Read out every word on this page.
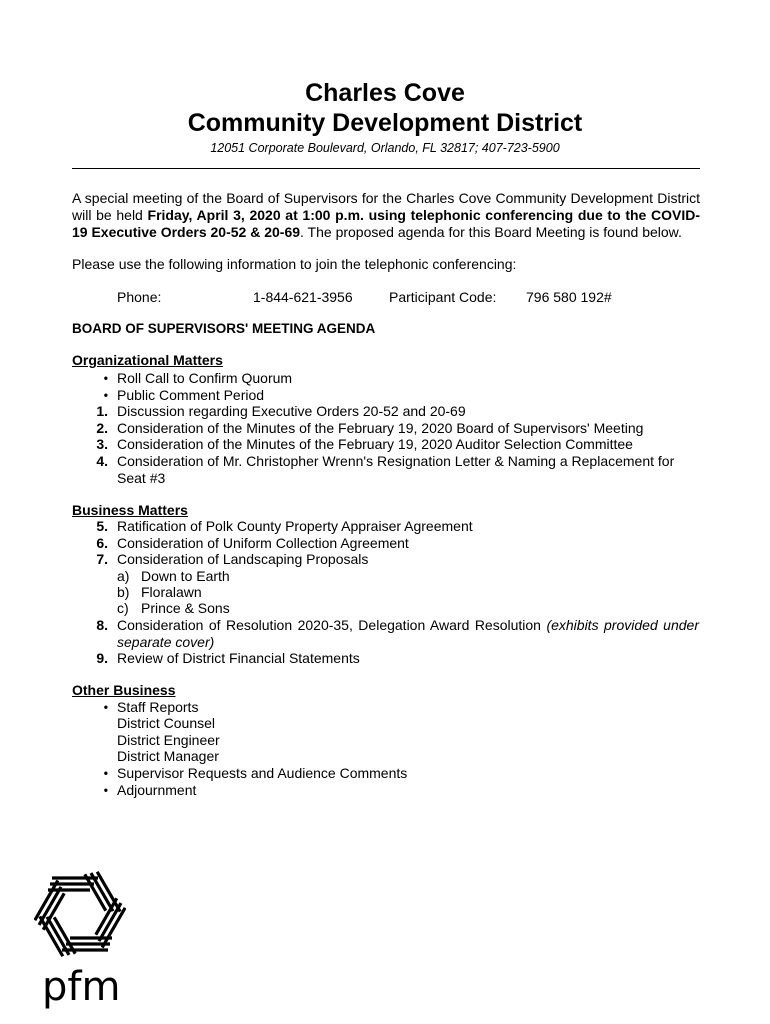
Charles Cove
Community Development District
12051 Corporate Boulevard, Orlando, FL 32817; 407-723-5900
A special meeting of the Board of Supervisors for the Charles Cove Community Development District will be held Friday, April 3, 2020 at 1:00 p.m. using telephonic conferencing due to the COVID-19 Executive Orders 20-52 & 20-69. The proposed agenda for this Board Meeting is found below.
Please use the following information to join the telephonic conferencing:
Phone:	1-844-621-3956	Participant Code: 796 580 192#
BOARD OF SUPERVISORS' MEETING AGENDA
Organizational Matters
• Roll Call to Confirm Quorum
• Public Comment Period
1. Discussion regarding Executive Orders 20-52 and 20-69
2. Consideration of the Minutes of the February 19, 2020 Board of Supervisors' Meeting
3. Consideration of the Minutes of the February 19, 2020 Auditor Selection Committee
4. Consideration of Mr. Christopher Wrenn's Resignation Letter & Naming a Replacement for Seat #3
Business Matters
5. Ratification of Polk County Property Appraiser Agreement
6. Consideration of Uniform Collection Agreement
7. Consideration of Landscaping Proposals
a) Down to Earth
b) Floralawn
c) Prince & Sons
8. Consideration of Resolution 2020-35, Delegation Award Resolution (exhibits provided under separate cover)
9. Review of District Financial Statements
Other Business
• Staff Reports
District Counsel
District Engineer
District Manager
• Supervisor Requests and Audience Comments
• Adjournment
pfm
